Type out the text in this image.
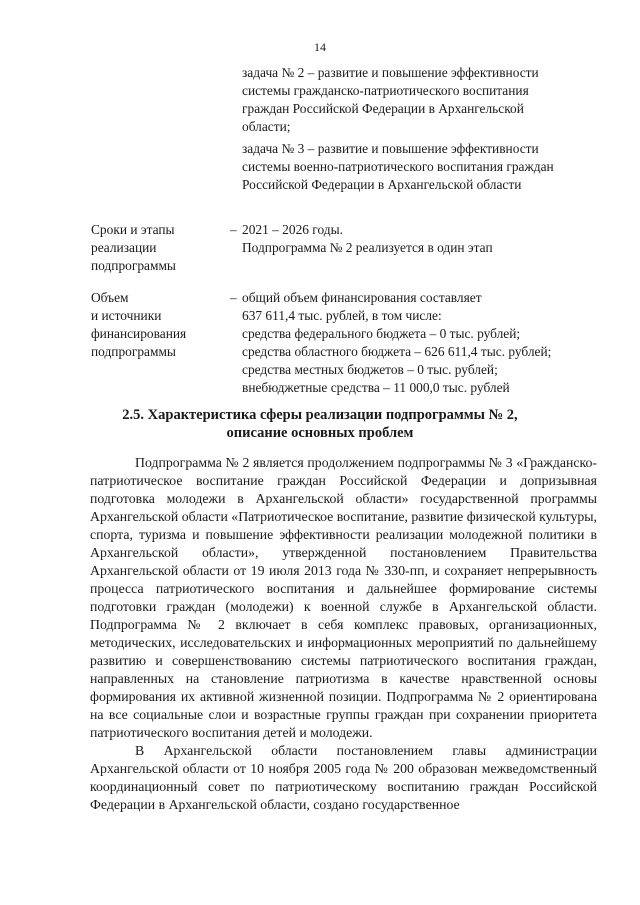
14
задача № 2 – развитие и повышение эффективности
системы гражданско-патриотического воспитания
граждан Российской Федерации в Архангельской
области;
задача № 3 – развитие и повышение эффективности
системы военно-патриотического воспитания граждан
Российской Федерации в Архангельской области
Сроки и этапы
реализации
подпрограммы
– 2021 – 2026 годы.
Подпрограмма № 2 реализуется в один этап
Объем
и источники
финансирования
подпрограммы
– общий объем финансирования составляет
637 611,4 тыс. рублей, в том числе:
средства федерального бюджета – 0 тыс. рублей;
средства областного бюджета – 626 611,4 тыс. рублей;
средства местных бюджетов – 0 тыс. рублей;
внебюджетные средства – 11 000,0 тыс. рублей
2.5. Характеристика сферы реализации подпрограммы № 2,
описание основных проблем

Подпрограмма № 2 является продолжением подпрограммы № 3 «Гражданско-патриотическое воспитание граждан Российской Федерации и допризывная подготовка молодежи в Архангельской области» государственной программы Архангельской области «Патриотическое воспитание, развитие физической культуры, спорта, туризма и повышение эффективности реализации молодежной политики в Архангельской области», утвержденной постановлением Правительства Архангельской области от 19 июля 2013 года № 330-пп, и сохраняет непрерывность процесса патриотического воспитания и дальнейшее формирование системы подготовки граждан (молодежи) к военной службе в Архангельской области. Подпрограмма № 2 включает в себя комплекс правовых, организационных, методических, исследовательских и информационных мероприятий по дальнейшему развитию и совершенствованию системы патриотического воспитания граждан, направленных на становление патриотизма в качестве нравственной основы формирования их активной жизненной позиции. Подпрограмма № 2 ориентирована на все социальные слои и возрастные группы граждан при сохранении приоритета патриотического воспитания детей и молодежи.

В Архангельской области постановлением главы администрации Архангельской области от 10 ноября 2005 года № 200 образован межведомственный координационный совет по патриотическому воспитанию граждан Российской Федерации в Архангельской области, создано государственное
